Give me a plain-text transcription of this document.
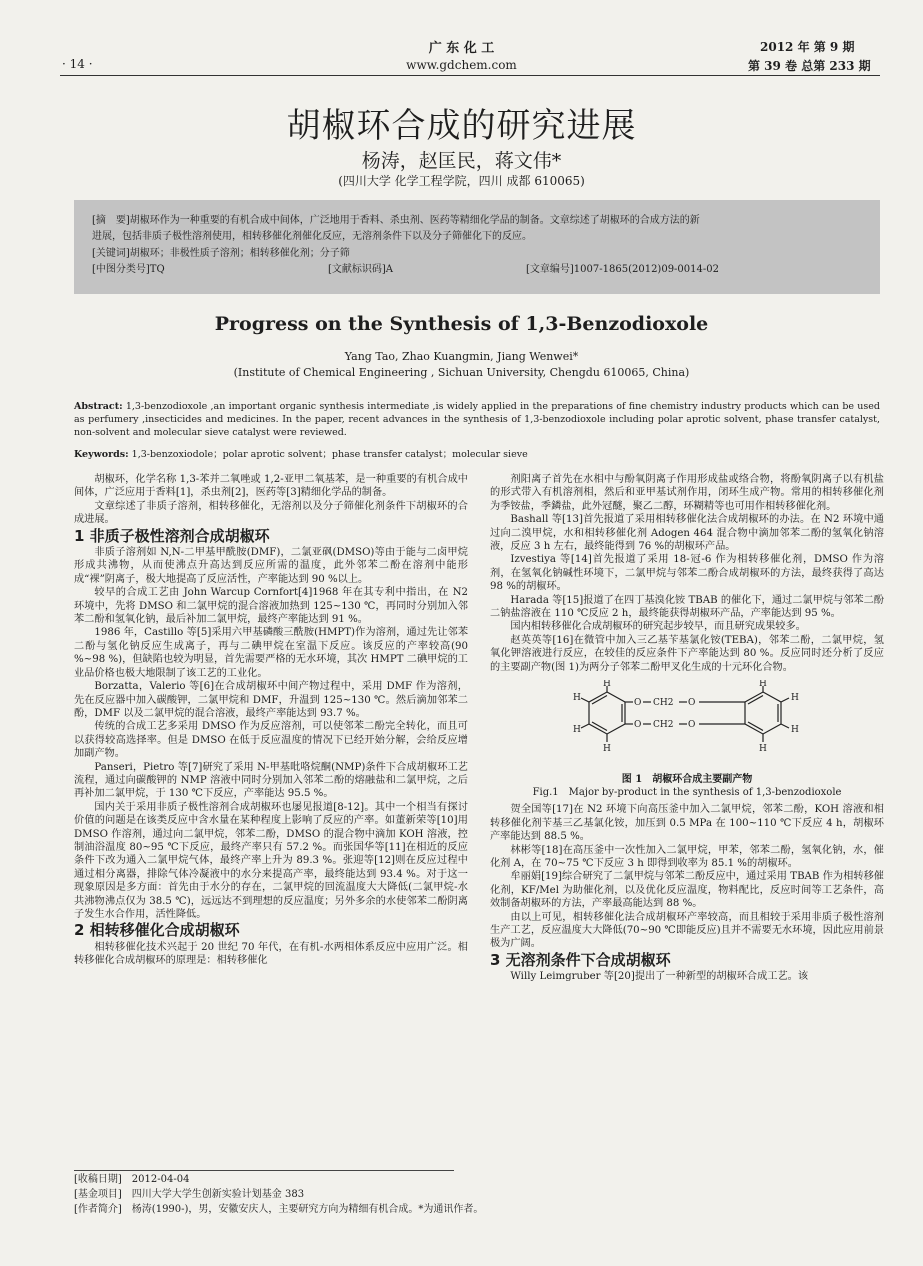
· 14 ·
广 东 化 工
www.gdchem.com
2012 年 第 9 期
第 39 卷 总第 233 期
胡椒环合成的研究进展
杨涛，赵匡民，蒋文伟*
(四川大学 化学工程学院，四川 成都 610065)
[摘　要]胡椒环作为一种重要的有机合成中间体，广泛地用于香料、杀虫剂、医药等精细化学品的制备。文章综述了胡椒环的合成方法的新
进展，包括非质子极性溶剂使用，相转移催化剂催化反应，无溶剂条件下以及分子筛催化下的反应。
[关键词]胡椒环；非极性质子溶剂；相转移催化剂；分子筛
[中图分类号]TQ	[文献标识码]A	[文章编号]1007-1865(2012)09-0014-02
Progress on the Synthesis of 1,3-Benzodioxole
Yang Tao, Zhao Kuangmin, Jiang Wenwei*
(Institute of Chemical Engineering , Sichuan University, Chengdu 610065, China)
Abstract: 1,3-benzodioxole ,an important organic synthesis intermediate ,is widely applied in the preparations of fine chemistry industry products which can be used as perfumery ,insecticides and medicines. In the paper, recent advances in the synthesis of 1,3-benzodioxole including polar aprotic solvent, phase transfer catalyst, non-solvent and molecular sieve catalyst were reviewed.
Keywords: 1,3-benzoxiodole；polar aprotic solvent；phase transfer catalyst；molecular sieve

胡椒环，化学名称 1,3-苯并二氧唑或 1,2-亚甲二氧基苯，是一种重要的有机合成中间体，广泛应用于香料[1]，杀虫剂[2]，医药等[3]精细化学品的制备。

文章综述了非质子溶剂，相转移催化，无溶剂以及分子筛催化剂条件下胡椒环的合成进展。

1 非质子极性溶剂合成胡椒环

非质子溶剂如 N,N-二甲基甲酰胺(DMF)，二氯亚砜(DMSO)等由于能与二卤甲烷形成共沸物，从而使沸点升高达到反应所需的温度，此外邻苯二酚在溶剂中能形成“裸”阴离子，极大地提高了反应活性，产率能达到 90 %以上。

较早的合成工艺由 John Warcup Cornfort[4]1968 年在其专利中指出，在 N2 环境中，先将 DMSO 和二氯甲烷的混合溶液加热到 125~130 ℃，再同时分别加入邻苯二酚和氢氧化钠，最后补加二氯甲烷，最终产率能达到 91 %。

1986 年，Castillo 等[5]采用六甲基磷酸三酰胺(HMPT)作为溶剂，通过先让邻苯二酚与氢化钠反应生成离子，再与二碘甲烷在室温下反应。该反应的产率较高(90 %~98 %)，但缺陷也较为明显，首先需要严格的无水环境，其次 HMPT 二碘甲烷的工业品价格也极大地限制了该工艺的工业化。

Borzatta，Valerio 等[6]在合成胡椒环中间产物过程中，采用 DMF 作为溶剂，先在反应器中加入碳酸钾，二氯甲烷和 DMF，升温到 125~130 ℃。然后滴加邻苯二酚，DMF 以及二氯甲烷的混合溶液，最终产率能达到 93.7 %。

传统的合成工艺多采用 DMSO 作为反应溶剂，可以使邻苯二酚完全转化，而且可以获得较高选择率。但是 DMSO 在低于反应温度的情况下已经开始分解，会给反应增加副产物。

Panseri，Pietro 等[7]研究了采用 N-甲基吡咯烷酮(NMP)条件下合成胡椒环工艺流程，通过向碳酸钾的 NMP 溶液中同时分别加入邻苯二酚的熔融盐和二氯甲烷，之后再补加二氯甲烷，于 130 ℃下反应，产率能达 95.5 %。

国内关于采用非质子极性溶剂合成胡椒环也屡见报道[8-12]。其中一个相当有探讨价值的问题是在该类反应中含水量在某种程度上影响了反应的产率。如董新荣等[10]用 DMSO 作溶剂，通过向二氯甲烷，邻苯二酚，DMSO 的混合物中滴加 KOH 溶液，控制油浴温度 80~95 ℃下反应，最终产率只有 57.2 %。而张国华等[11]在相近的反应条件下改为通入二氯甲烷气体，最终产率上升为 89.3 %。张迎等[12]则在反应过程中通过相分离器，排除气体冷凝液中的水分来提高产率，最终能达到 93.4 %。对于这一现象原因是多方面：首先由于水分的存在，二氯甲烷的回流温度大大降低(二氯甲烷-水共沸物沸点仅为 38.5 ℃)，远远达不到理想的反应温度；另外多余的水使邻苯二酚阴离子发生水合作用，活性降低。

2 相转移催化合成胡椒环

相转移催化技术兴起于 20 世纪 70 年代，在有机-水两相体系反应中应用广泛。相转移催化合成胡椒环的原理是：相转移催化

剂阳离子首先在水相中与酚氧阴离子作用形成盐或络合物，将酚氧阴离子以有机盐的形式带入有机溶剂相，然后和亚甲基试剂作用，闭环生成产物。常用的相转移催化剂为季铵盐，季鏻盐，此外冠醚，聚乙二醇，环糊精等也可用作相转移催化剂。

Bashall 等[13]首先报道了采用相转移催化法合成胡椒环的办法。在 N2 环境中通过向二溴甲烷，水和相转移催化剂 Adogen 464 混合物中滴加邻苯二酚的氢氧化钠溶液，反应 3 h 左右，最终能得到 76 %的胡椒环产品。

Izvestiya 等[14]首先报道了采用 18-冠-6 作为相转移催化剂，DMSO 作为溶剂，在氢氧化钠碱性环境下，二氯甲烷与邻苯二酚合成胡椒环的方法，最终获得了高达 98 %的胡椒环。

Harada 等[15]报道了在四丁基溴化铵 TBAB 的催化下，通过二氯甲烷与邻苯二酚二钠盐溶液在 110 ℃反应 2 h，最终能获得胡椒环产品，产率能达到 95 %。

国内相转移催化合成胡椒环的研究起步较早，而且研究成果较多。

赵英英等[16]在微管中加入三乙基苄基氯化铵(TEBA)，邻苯二酚，二氯甲烷，氢氧化钾溶液进行反应，在较佳的反应条件下产率能达到 80 %。反应同时还分析了反应的主要副产物(图 1)为两分子邻苯二酚甲叉化生成的十元环化合物。

H
H
H
H
H
H
H
H
O
O
O
O
CH2
CH2
图 1　胡椒环合成主要副产物
Fig.1　Major by-product in the synthesis of 1,3-benzodioxole

贺全国等[17]在 N2 环境下向高压釜中加入二氯甲烷，邻苯二酚，KOH 溶液和相转移催化剂苄基三乙基氯化铵，加压到 0.5 MPa 在 100~110 ℃下反应 4 h，胡椒环产率能达到 88.5 %。

林彬等[18]在高压釜中一次性加入二氯甲烷，甲苯，邻苯二酚，氢氧化钠，水，催化剂 A，在 70~75 ℃下反应 3 h 即得到收率为 85.1 %的胡椒环。

牟丽娟[19]综合研究了二氯甲烷与邻苯二酚反应中，通过采用 TBAB 作为相转移催化剂，KF/Mel 为助催化剂，以及优化反应温度，物料配比，反应时间等工艺条件，高效制备胡椒环的方法，产率最高能达到 88 %。

由以上可见，相转移催化法合成胡椒环产率较高，而且相较于采用非质子极性溶剂生产工艺，反应温度大大降低(70~90 ℃即能反应)且并不需要无水环境，因此应用前景极为广阔。

3 无溶剂条件下合成胡椒环

Willy Leimgruber 等[20]提出了一种新型的胡椒环合成工艺。该

[收稿日期]　2012-04-04
[基金项目]　四川大学大学生创新实验计划基金 383
[作者简介]　杨涛(1990-)，男，安徽安庆人，主要研究方向为精细有机合成。*为通讯作者。
